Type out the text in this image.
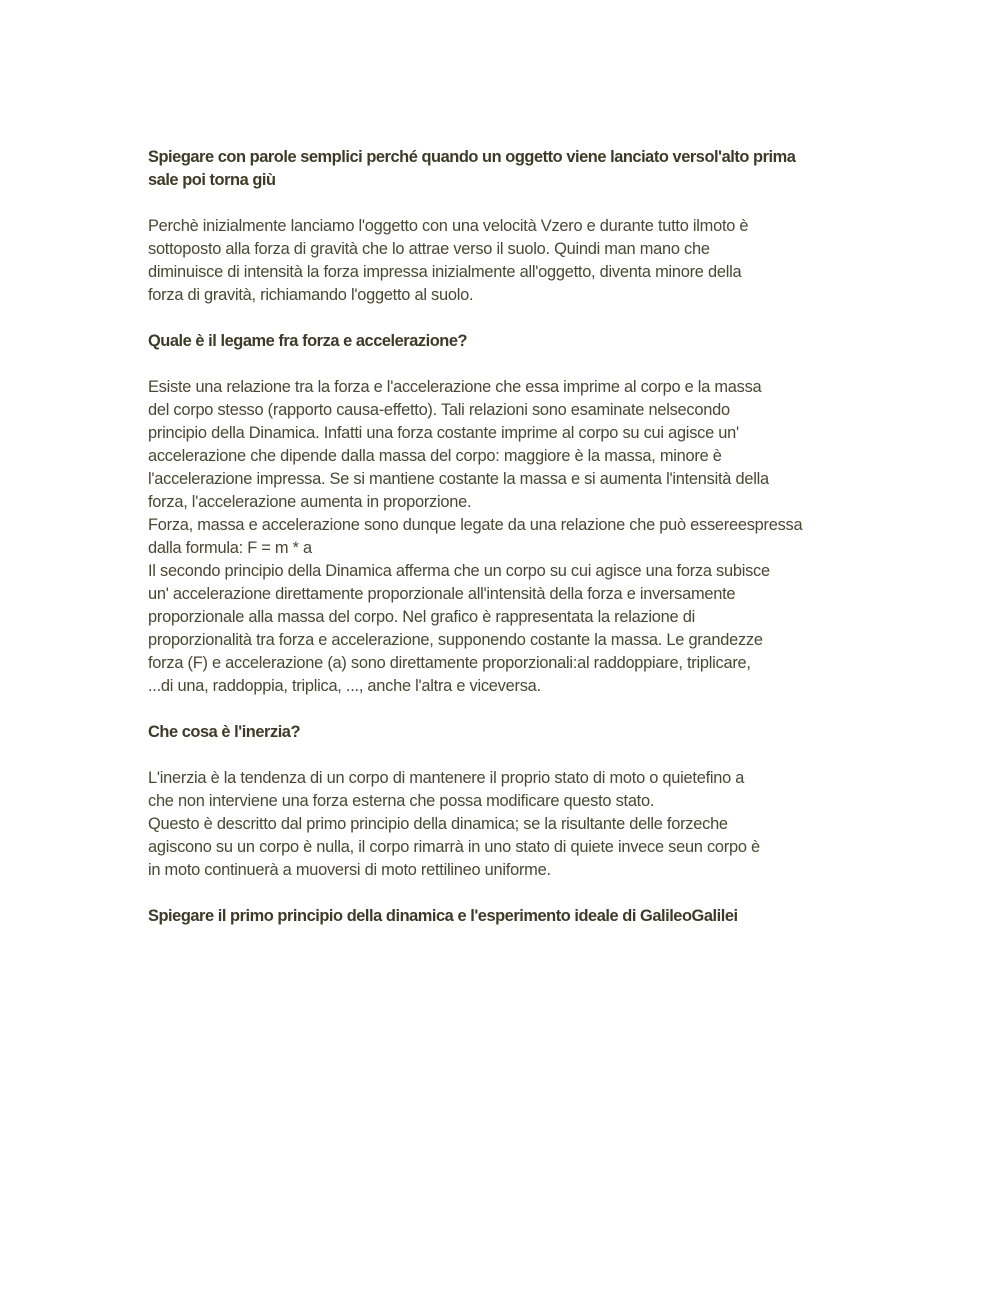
Spiegare con parole semplici perché quando un oggetto viene lanciato versol'alto prima
sale poi torna giù
Perchè inizialmente lanciamo l'oggetto con una velocità Vzero e durante tutto ilmoto è
sottoposto alla forza di gravità che lo attrae verso il suolo. Quindi man mano che
diminuisce di intensità la forza impressa inizialmente all'oggetto, diventa minore della
forza di gravità, richiamando l'oggetto al suolo.
Quale è il legame fra forza e accelerazione?
Esiste una relazione tra la forza e l'accelerazione che essa imprime al corpo e la massa
del corpo stesso (rapporto causa-effetto). Tali relazioni sono esaminate nelsecondo
principio della Dinamica. Infatti una forza costante imprime al corpo su cui agisce un'
accelerazione che dipende dalla massa del corpo: maggiore è la massa, minore è
l'accelerazione impressa. Se si mantiene costante la massa e si aumenta l'intensità della
forza, l'accelerazione aumenta in proporzione.
Forza, massa e accelerazione sono dunque legate da una relazione che può essereespressa
dalla formula: F = m * a
Il secondo principio della Dinamica afferma che un corpo su cui agisce una forza subisce
un' accelerazione direttamente proporzionale all'intensità della forza e inversamente
proporzionale alla massa del corpo. Nel grafico è rappresentata la relazione di
proporzionalità tra forza e accelerazione, supponendo costante la massa. Le grandezze
forza (F) e accelerazione (a) sono direttamente proporzionali:al raddoppiare, triplicare,
...di una, raddoppia, triplica, ..., anche l'altra e viceversa.
Che cosa è l'inerzia?
L'inerzia è la tendenza di un corpo di mantenere il proprio stato di moto o quietefino a
che non interviene una forza esterna che possa modificare questo stato.
Questo è descritto dal primo principio della dinamica; se la risultante delle forzeche
agiscono su un corpo è nulla, il corpo rimarrà in uno stato di quiete invece seun corpo è
in moto continuerà a muoversi di moto rettilineo uniforme.
Spiegare il primo principio della dinamica e l'esperimento ideale di GalileoGalilei
